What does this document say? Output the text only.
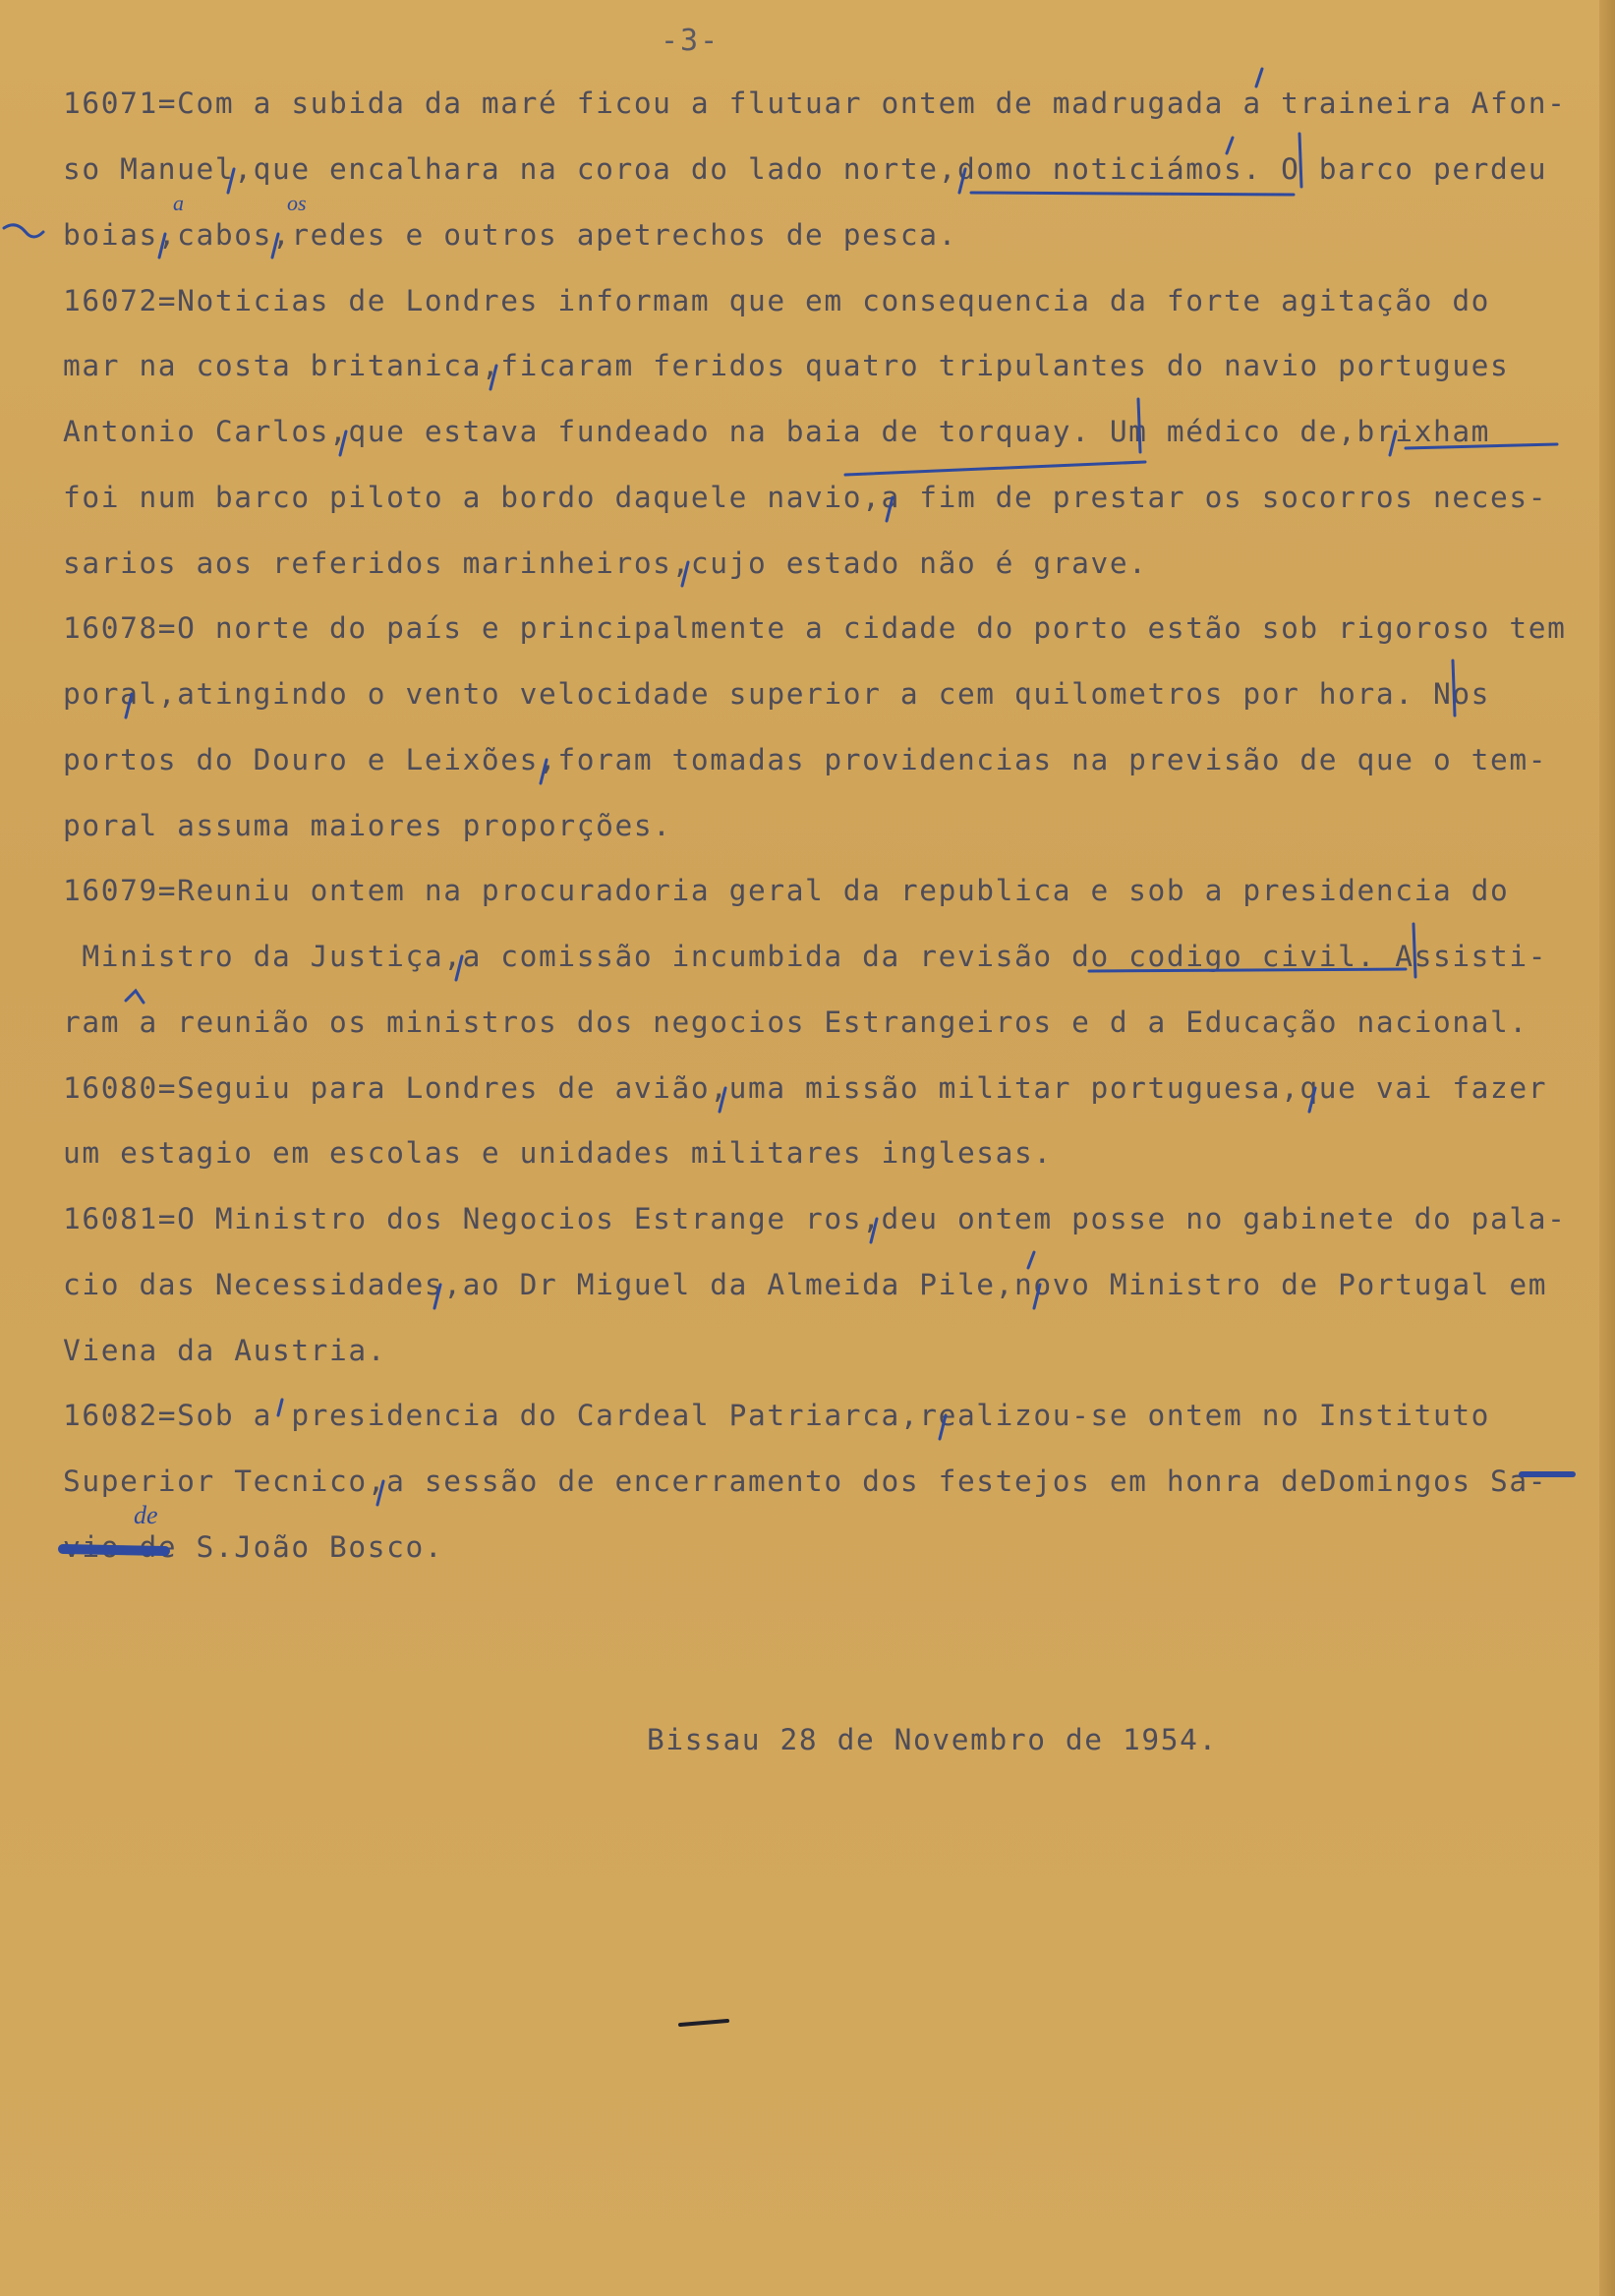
-3-
16071=Com a subida da maré ficou a flutuar ontem de madrugada a traineira Afon-
so Manuel,que encalhara na coroa do lado norte,domo noticiámos. O barco perdeu
boias,cabos,redes e outros apetrechos de pesca.
16072=Noticias de Londres informam que em consequencia da forte agitação do
mar na costa britanica,ficaram feridos quatro tripulantes do navio portugues
Antonio Carlos,que estava fundeado na baia de torquay. Um médico de,brixham
foi num barco piloto a bordo daquele navio,a fim de prestar os socorros neces-
sarios aos referidos marinheiros,cujo estado não é grave.
16078=O norte do país e principalmente a cidade do porto estão sob rigoroso tem
poral,atingindo o vento velocidade superior a cem quilometros por hora. Nos
portos do Douro e Leixões,foram tomadas providencias na previsão de que o tem-
poral assuma maiores proporções.
16079=Reuniu ontem na procuradoria geral da republica e sob a presidencia do
Ministro da Justiça,a comissão incumbida da revisão do codigo civil. Assisti-
ram a reunião os ministros dos negocios Estrangeiros e d a Educação nacional.
16080=Seguiu para Londres de avião,uma missão militar portuguesa,que vai fazer
um estagio em escolas e unidades militares inglesas.
16081=O Ministro dos Negocios Estrange ros,deu ontem posse no gabinete do pala-
cio das Necessidades,ao Dr Miguel da Almeida Pile,novo Ministro de Portugal em
Viena da Austria.
16082=Sob a presidencia do Cardeal Patriarca,realizou-se ontem no Instituto
Superior Tecnico,a sessão de encerramento dos festejos em honra deDomingos Sa-
vio de S.João Bosco.
Bissau 28 de Novembro de 1954.
a	os
de
